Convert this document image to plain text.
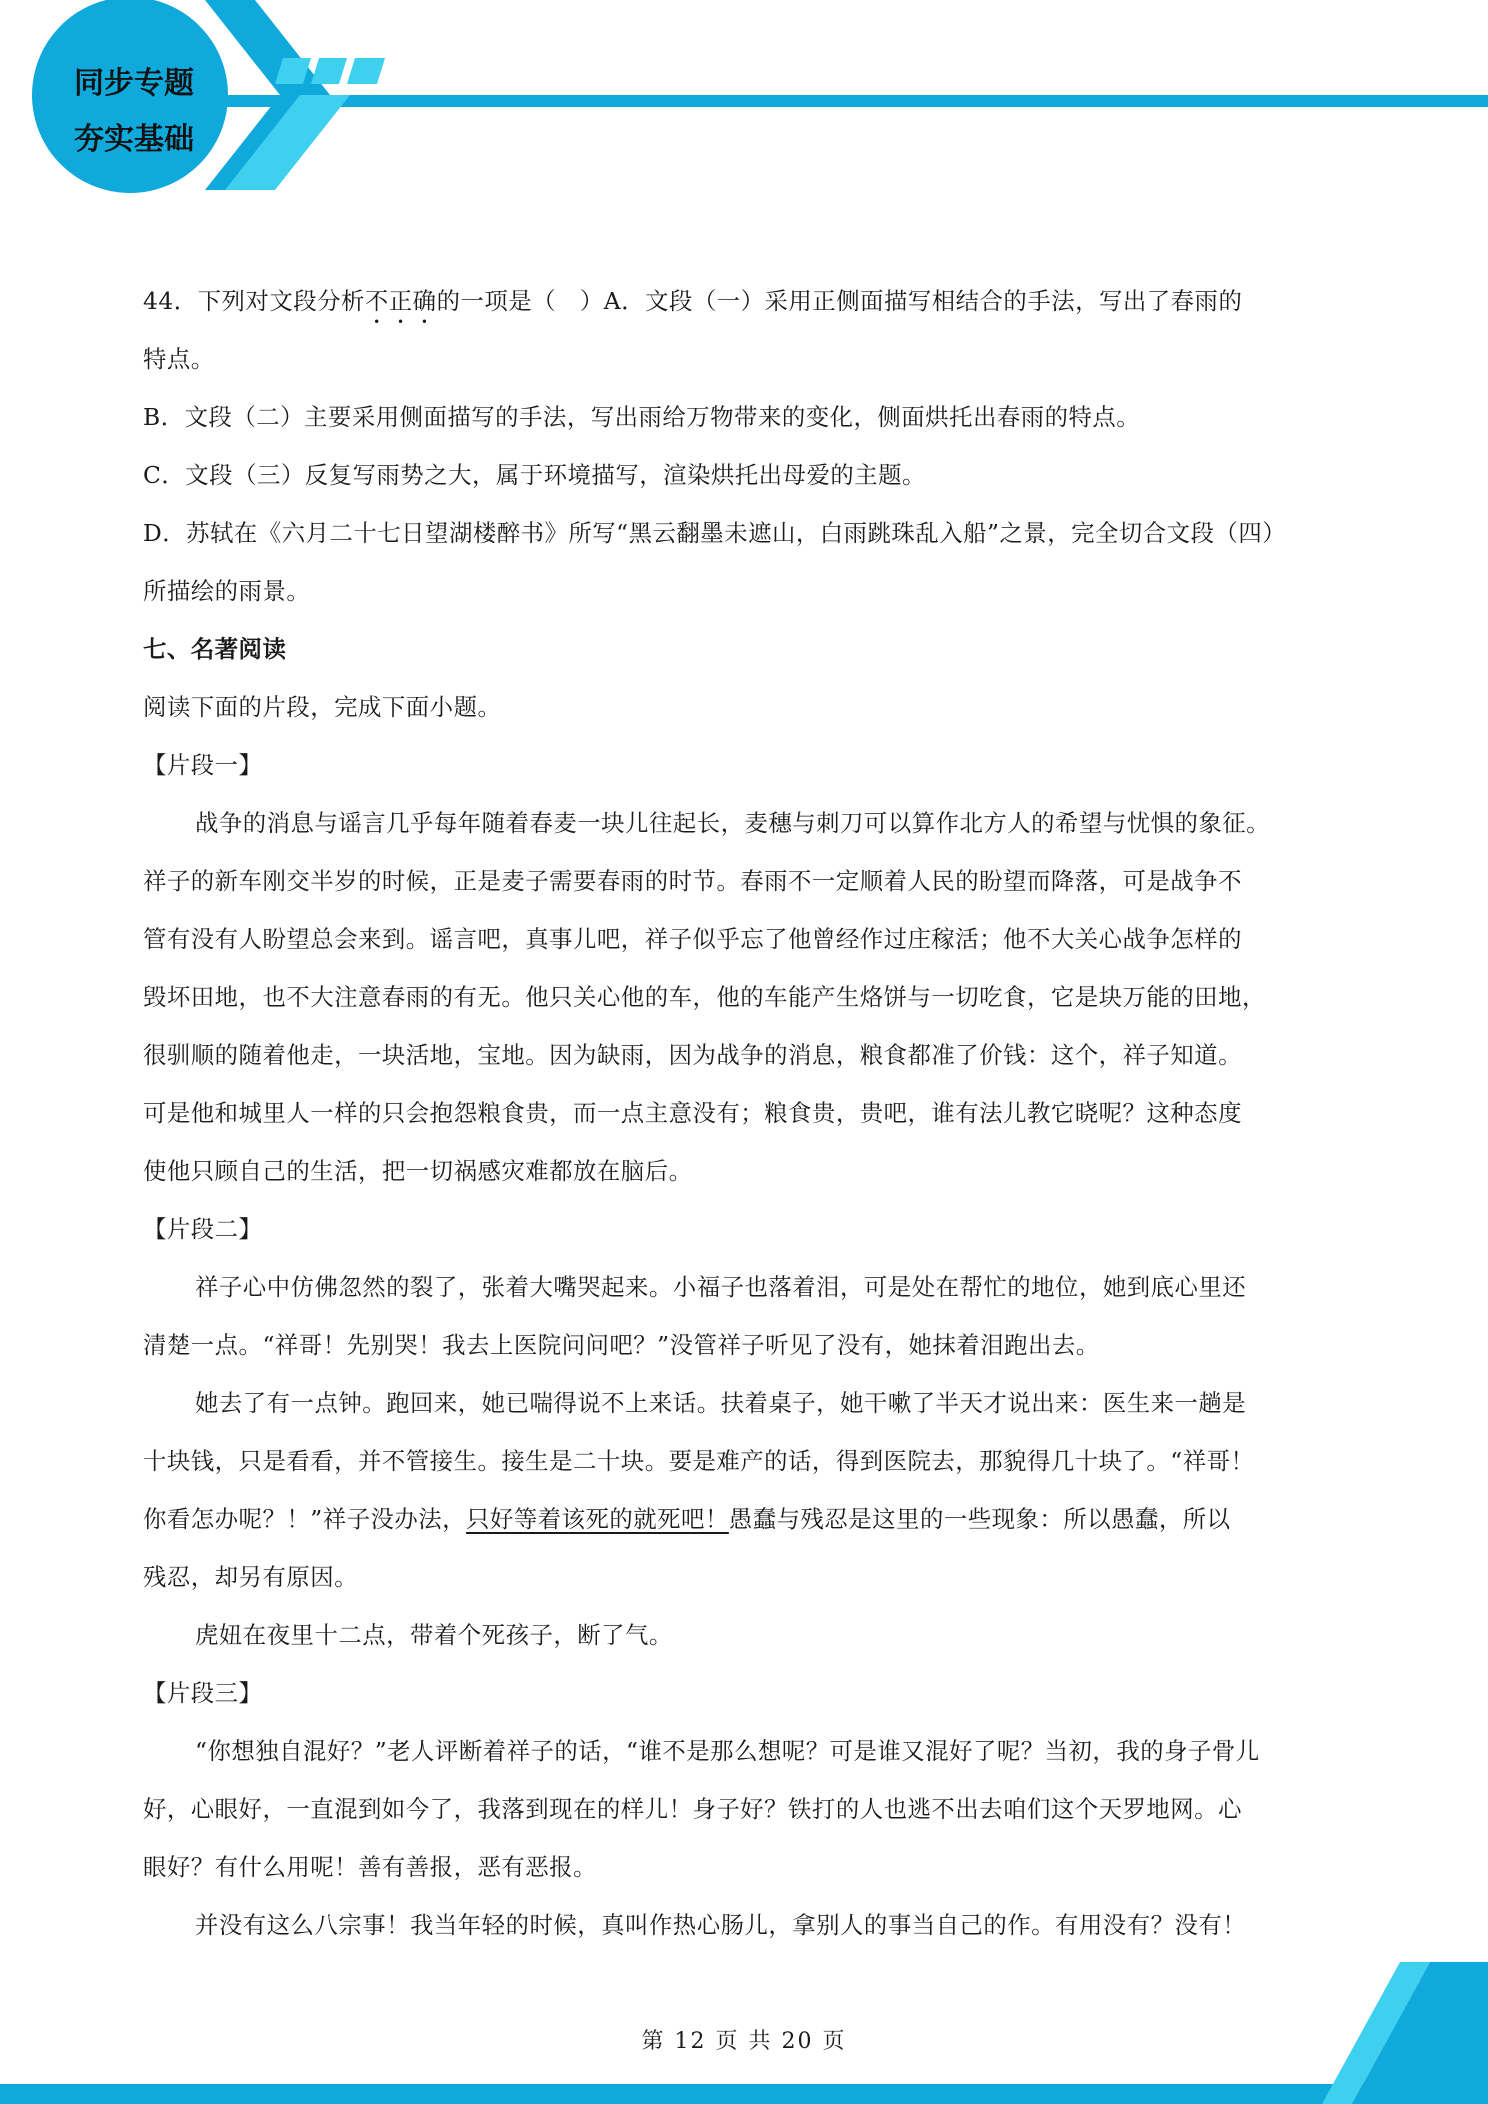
同步专题
夯实基础
44．下列对文段分析不正确的一项是（　）A．文段（一）采用正侧面描写相结合的手法，写出了春雨的
特点。
B．文段（二）主要采用侧面描写的手法，写出雨给万物带来的变化，侧面烘托出春雨的特点。
C．文段（三）反复写雨势之大，属于环境描写，渲染烘托出母爱的主题。
D．苏轼在《六月二十七日望湖楼醉书》所写“黑云翻墨未遮山，白雨跳珠乱入船”之景，完全切合文段（四）
所描绘的雨景。
七、名著阅读
阅读下面的片段，完成下面小题。
【片段一】
战争的消息与谣言几乎每年随着春麦一块儿往起长，麦穗与刺刀可以算作北方人的希望与忧惧的象征。
祥子的新车刚交半岁的时候，正是麦子需要春雨的时节。春雨不一定顺着人民的盼望而降落，可是战争不
管有没有人盼望总会来到。谣言吧，真事儿吧，祥子似乎忘了他曾经作过庄稼活；他不大关心战争怎样的
毁坏田地，也不大注意春雨的有无。他只关心他的车，他的车能产生烙饼与一切吃食，它是块万能的田地，
很驯顺的随着他走，一块活地，宝地。因为缺雨，因为战争的消息，粮食都准了价钱：这个，祥子知道。
可是他和城里人一样的只会抱怨粮食贵，而一点主意没有；粮食贵，贵吧，谁有法儿教它晓呢？这种态度
使他只顾自己的生活，把一切祸感灾难都放在脑后。
【片段二】
祥子心中仿佛忽然的裂了，张着大嘴哭起来。小福子也落着泪，可是处在帮忙的地位，她到底心里还
清楚一点。“祥哥！先别哭！我去上医院问问吧？”没管祥子听见了没有，她抹着泪跑出去。
她去了有一点钟。跑回来，她已喘得说不上来话。扶着桌子，她干嗽了半天才说出来：医生来一趟是
十块钱，只是看看，并不管接生。接生是二十块。要是难产的话，得到医院去，那貌得几十块了。“祥哥！
你看怎办呢？！”祥子没办法，只好等着该死的就死吧！愚蠢与残忍是这里的一些现象：所以愚蠢，所以
残忍，却另有原因。
虎妞在夜里十二点，带着个死孩子，断了气。
【片段三】
“你想独自混好？”老人评断着祥子的话，“谁不是那么想呢？可是谁又混好了呢？当初，我的身子骨儿
好，心眼好，一直混到如今了，我落到现在的样儿！身子好？铁打的人也逃不出去咱们这个天罗地网。心
眼好？有什么用呢！善有善报，恶有恶报。
并没有这么八宗事！我当年轻的时候，真叫作热心肠儿，拿别人的事当自己的作。有用没有？没有！
第 12 页 共 20 页
